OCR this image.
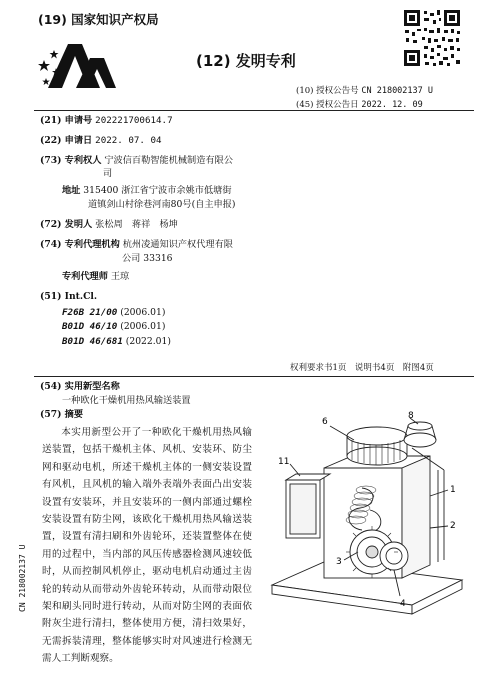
(19) 国家知识产权局
(12) 发明专利
(10) 授权公告号 CN 218002137 U
(45) 授权公告日 2022. 12. 09
(21) 申请号 202221700614.7
(22) 申请日 2022. 07. 04
(73) 专利权人 宁波信百勒智能机械制造有限公
司
地址 315400 浙江省宁波市余姚市低塘街
道镇剑山村徐巷河南80号(自主申报)
(72) 发明人 张松周　蒋祥　杨坤
(74) 专利代理机构 杭州凌通知识产权代理有限
公司 33316
专利代理师 王琼
(51) Int.Cl.
F26B 21/00 (2006.01)
B01D 46/10 (2006.01)
B01D 46/681 (2022.01)
权利要求书1页　说明书4页　附图4页
(54) 实用新型名称
一种欧化干燥机用热风输送装置
(57) 摘要
本实用新型公开了一种欧化干燥机用热风输送装置，包括干燥机主体、风机、安装环、防尘网和驱动电机，所述干燥机主体的一侧安装设置有风机，且风机的输入端外表端外表面凸出安装设置有安装环，并且安装环的一侧内部通过螺栓安装设置有防尘网，该欧化干燥机用热风输送装置，设置有清扫刷和外齿轮环，还装置整体在使用的过程中，当内部的风压传感器检测风速较低时，从而控制风机停止，驱动电机启动通过主齿轮的转动从而带动外齿轮环转动，从而带动限位架和刷头同时进行转动，从而对防尘网的表面依附灰尘进行清扫，整体使用方便，清扫效果好，无需拆装清理，整体能够实时对风速进行检测无需人工判断观察。
6
8
11
1
2
3
4
CN 218002137 U
